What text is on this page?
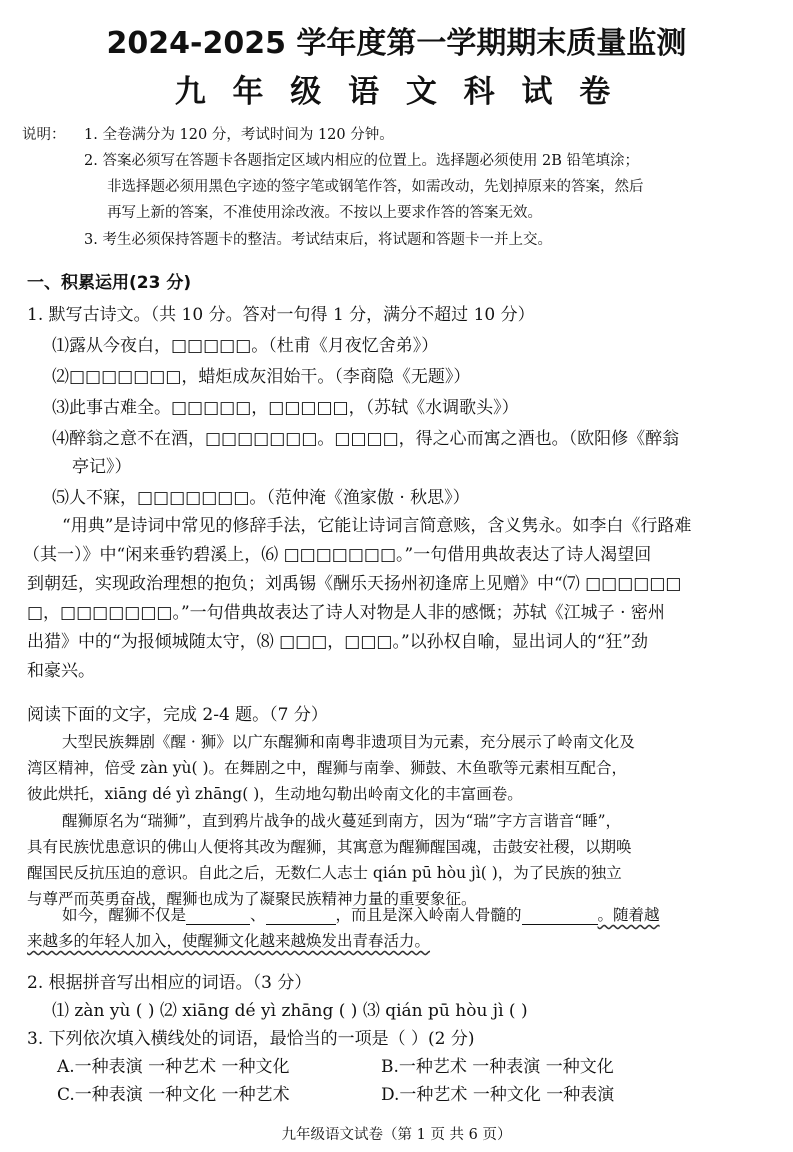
2024-2025 学年度第一学期期末质量监测
九 年 级 语 文 科 试 卷
说明： 1. 全卷满分为 120 分，考试时间为 120 分钟。
2. 答案必须写在答题卡各题指定区域内相应的位置上。选择题必须使用 2B 铅笔填涂；
非选择题必须用黑色字迹的签字笔或钢笔作答，如需改动，先划掉原来的答案，然后
再写上新的答案，不准使用涂改液。不按以上要求作答的答案无效。
3. 考生必须保持答题卡的整洁。考试结束后，将试题和答题卡一并上交。
一、积累运用(23 分)
1. 默写古诗文。（共 10 分。答对一句得 1 分，满分不超过 10 分）
⑴露从今夜白，□□□□□。（杜甫《月夜忆舍弟》）
⑵□□□□□□□，蜡炬成灰泪始干。（李商隐《无题》）
⑶此事古难全。□□□□□，□□□□□，（苏轼《水调歌头》）
⑷醉翁之意不在酒，□□□□□□□。□□□□，得之心而寓之酒也。（欧阳修《醉翁
亭记》）
⑸人不寐，□□□□□□□。（范仲淹《渔家傲 · 秋思》）
“用典”是诗词中常见的修辞手法，它能让诗词言简意赅，含义隽永。如李白《行路难
（其一）》中“闲来垂钓碧溪上，⑹ □□□□□□□。”一句借用典故表达了诗人渴望回
到朝廷，实现政治理想的抱负；刘禹锡《酬乐天扬州初逢席上见赠》中“⑺ □□□□□□
□，□□□□□□□。”一句借典故表达了诗人对物是人非的感慨；苏轼《江城子 · 密州
出猎》中的“为报倾城随太守，⑻ □□□，□□□。”以孙权自喻，显出词人的“狂”劲
和豪兴。
阅读下面的文字，完成 2-4 题。（7 分）
大型民族舞剧《醒 · 狮》以广东醒狮和南粤非遗项目为元素，充分展示了岭南文化及
湾区精神，倍受 zàn yù( )。在舞剧之中，醒狮与南拳、狮鼓、木鱼歌等元素相互配合，
彼此烘托，xiāng dé yì zhāng( )，生动地勾勒出岭南文化的丰富画卷。
醒狮原名为“瑞狮”，直到鸦片战争的战火蔓延到南方，因为“瑞”字方言谐音“睡”，
具有民族忧患意识的佛山人便将其改为醒狮，其寓意为醒狮醒国魂，击鼓安社稷，以期唤
醒国民反抗压迫的意识。自此之后，无数仁人志士 qián pū hòu jì( )，为了民族的独立
与尊严而英勇奋战，醒狮也成为了凝聚民族精神力量的重要象征。
如今，醒狮不仅是	、	，而且是深入岭南人骨髓的	。随着越
来越多的年轻人加入，使醒狮文化越来越焕发出青春活力。
2. 根据拼音写出相应的词语。（3 分）
⑴ zàn yù ( ) ⑵ xiāng dé yì zhāng ( ) ⑶ qián pū hòu jì ( )
3. 下列依次填入横线处的词语，最恰当的一项是（ ）(2 分)
A.一种表演 一种艺术 一种文化	B.一种艺术 一种表演 一种文化
C.一种表演 一种文化 一种艺术	D.一种艺术 一种文化 一种表演
九年级语文试卷（第 1 页 共 6 页）
